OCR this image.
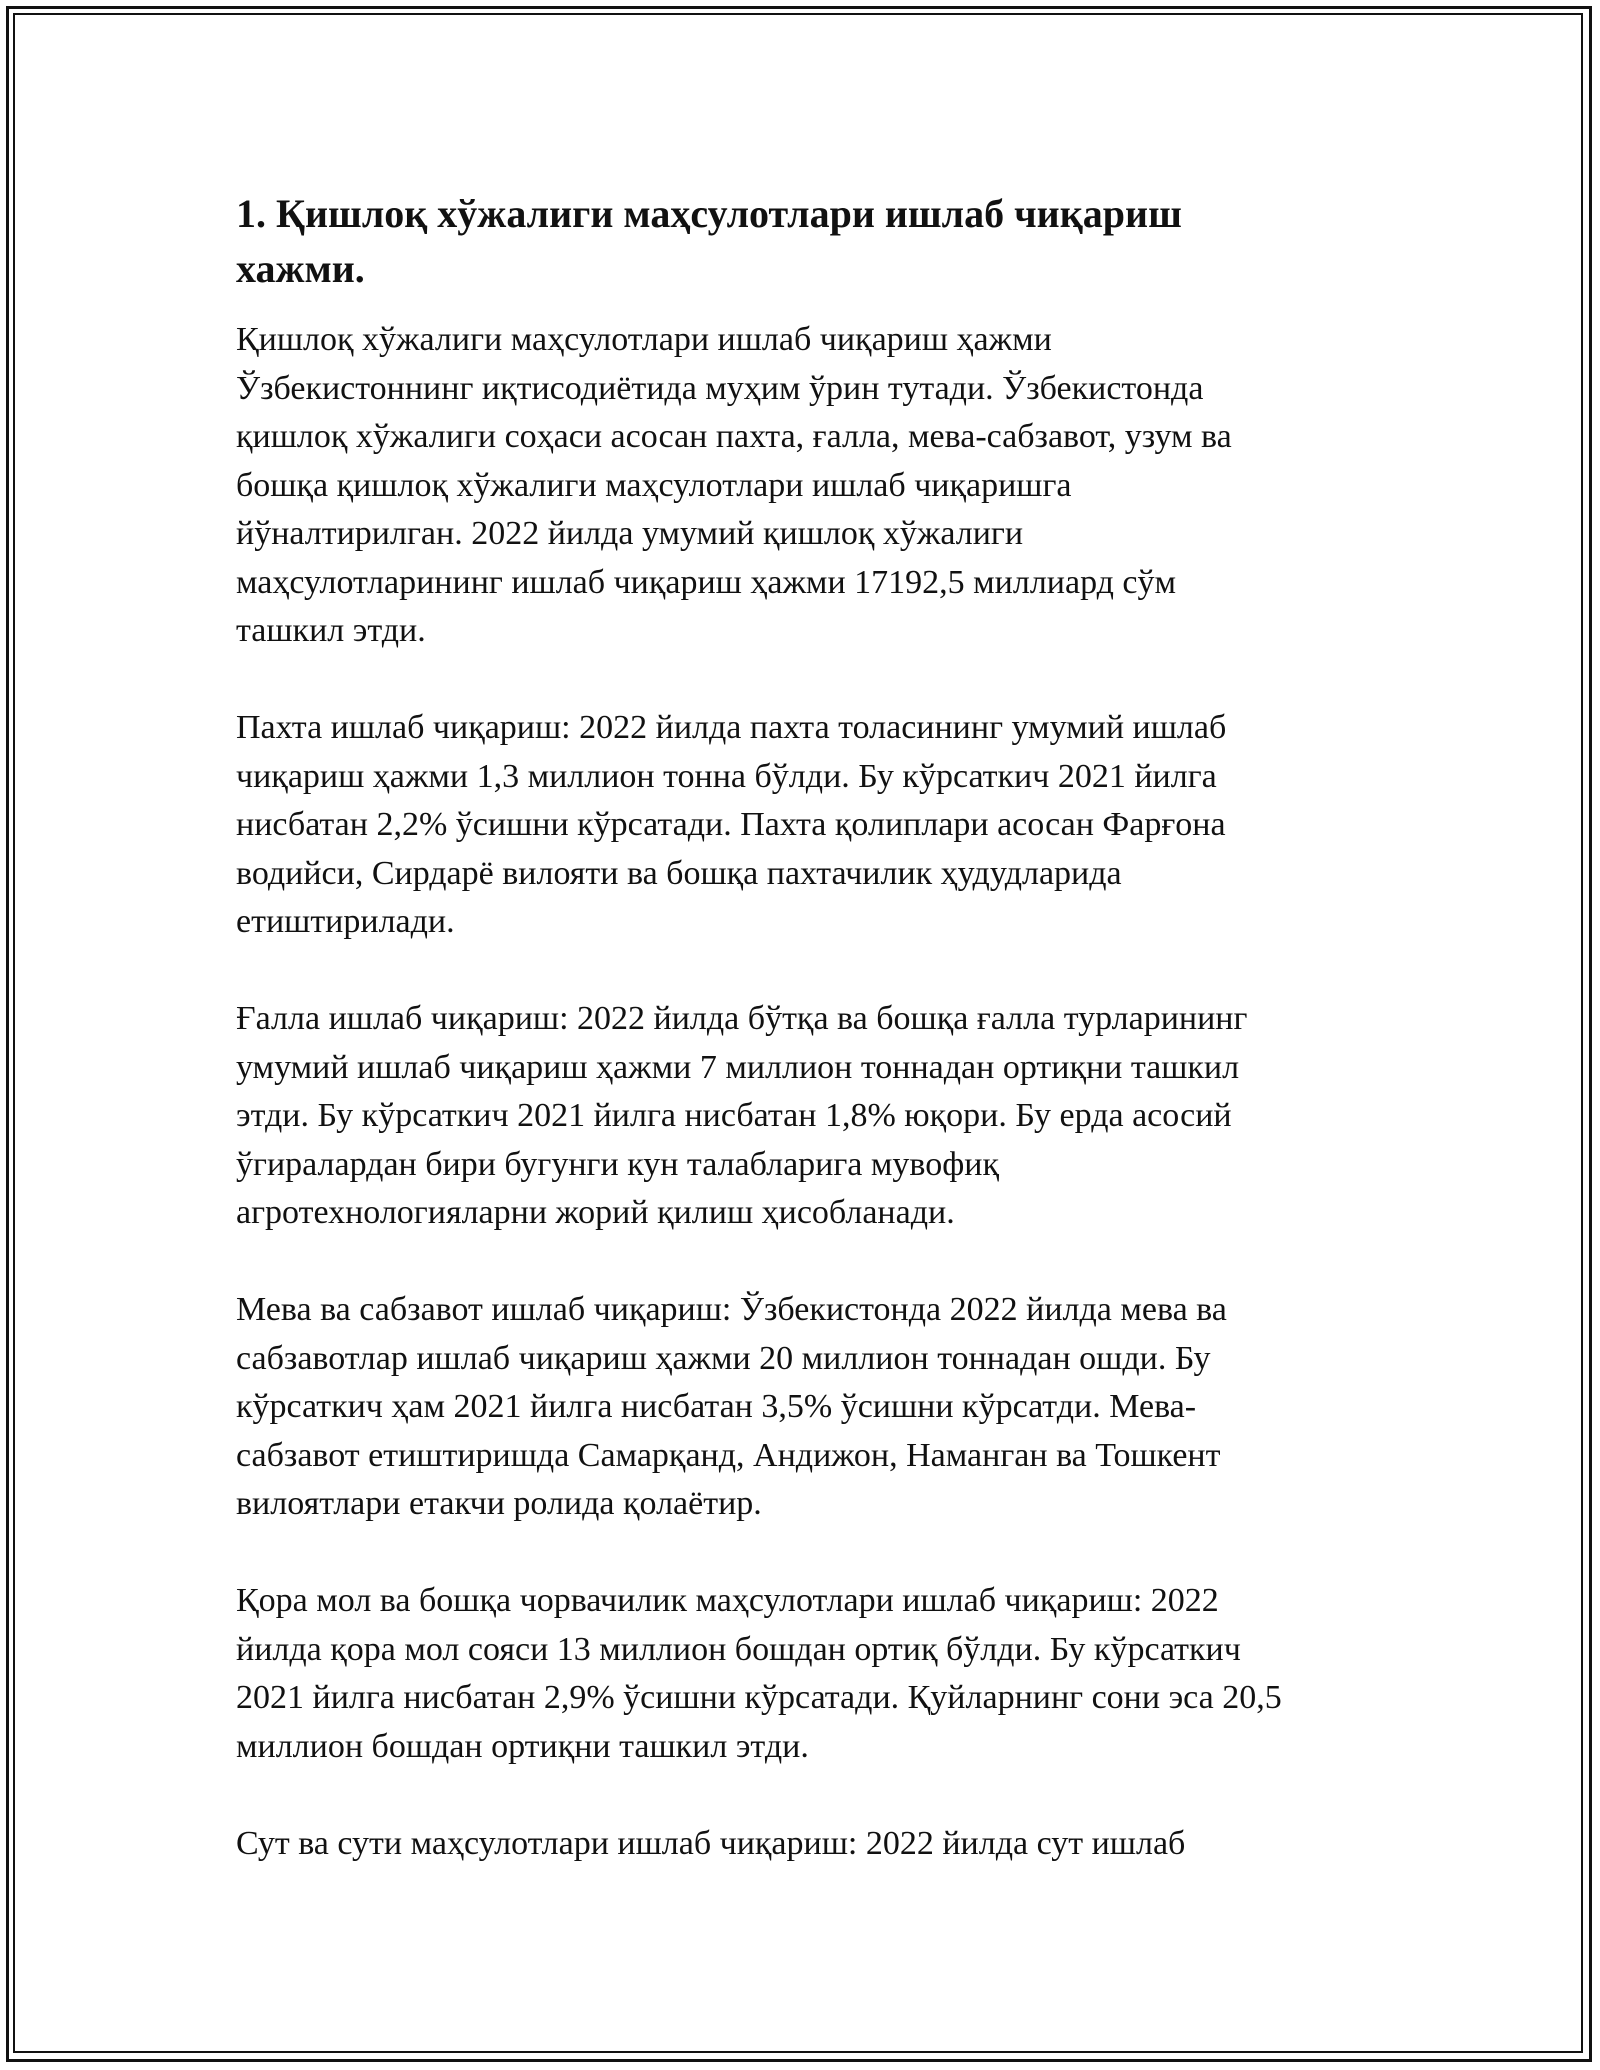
1. Қишлоқ хўжалиги маҳсулотлари ишлаб чиқариш
хажми.

Қишлоқ хўжалиги маҳсулотлари ишлаб чиқариш ҳажми
Ўзбекистоннинг иқтисодиётида муҳим ўрин тутади. Ўзбекистонда
қишлоқ хўжалиги соҳаси асосан пахта, ғалла, мева-сабзавот, узум ва
бошқа қишлоқ хўжалиги маҳсулотлари ишлаб чиқаришга
йўналтирилган. 2022 йилда умумий қишлоқ хўжалиги
маҳсулотларининг ишлаб чиқариш ҳажми 17192,5 миллиард сўм
ташкил этди.

Пахта ишлаб чиқариш: 2022 йилда пахта толасининг умумий ишлаб
чиқариш ҳажми 1,3 миллион тонна бўлди. Бу кўрсаткич 2021 йилга
нисбатан 2,2% ўсишни кўрсатади. Пахта қолиплари асосан Фарғона
водийси, Сирдарё вилояти ва бошқа пахтачилик ҳудудларида
етиштирилади.

Ғалла ишлаб чиқариш: 2022 йилда бўтқа ва бошқа ғалла турларининг
умумий ишлаб чиқариш ҳажми 7 миллион тоннадан ортиқни ташкил
этди. Бу кўрсаткич 2021 йилга нисбатан 1,8% юқори. Бу ерда асосий
ўгиралардан бири бугунги кун талабларига мувофиқ
агротехнологияларни жорий қилиш ҳисобланади.

Мева ва сабзавот ишлаб чиқариш: Ўзбекистонда 2022 йилда мева ва
сабзавотлар ишлаб чиқариш ҳажми 20 миллион тоннадан ошди. Бу
кўрсаткич ҳам 2021 йилга нисбатан 3,5% ўсишни кўрсатди. Мева-
сабзавот етиштиришда Самарқанд, Андижон, Наманган ва Тошкент
вилоятлари етакчи ролида қолаётир.

Қора мол ва бошқа чорвачилик маҳсулотлари ишлаб чиқариш: 2022
йилда қора мол сояси 13 миллион бошдан ортиқ бўлди. Бу кўрсаткич
2021 йилга нисбатан 2,9% ўсишни кўрсатади. Қуйларнинг сони эса 20,5
миллион бошдан ортиқни ташкил этди.

Сут ва сути маҳсулотлари ишлаб чиқариш: 2022 йилда сут ишлаб
